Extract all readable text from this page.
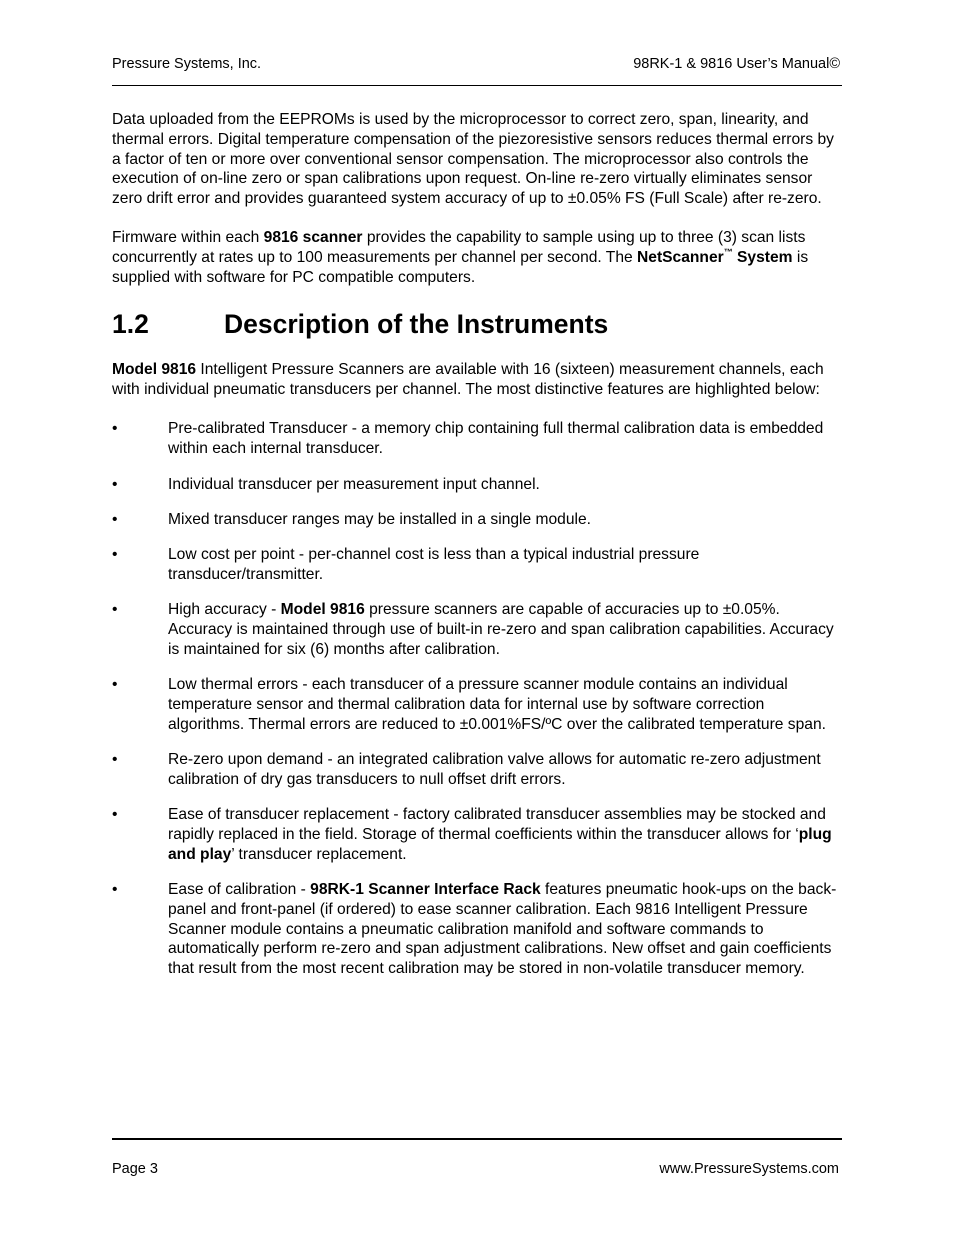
Pressure Systems, Inc.	98RK-1 & 9816 User’s Manual©

Data uploaded from the EEPROMs is used by the microprocessor to correct zero, span, linearity, and thermal errors. Digital temperature compensation of the piezoresistive sensors reduces thermal errors by a factor of ten or more over conventional sensor compensation. The microprocessor also controls the execution of on-line zero or span calibrations upon request. On-line re-zero virtually eliminates sensor zero drift error and provides guaranteed system accuracy of up to ±0.05% FS (Full Scale) after re-zero.

Firmware within each 9816 scanner provides the capability to sample using up to three (3) scan lists concurrently at rates up to 100 measurements per channel per second. The NetScanner™ System is supplied with software for PC compatible computers.

1.2	Description of the Instruments

Model 9816 Intelligent Pressure Scanners are available with 16 (sixteen) measurement channels, each with individual pneumatic transducers per channel. The most distinctive features are highlighted below:

•	Pre-calibrated Transducer - a memory chip containing full thermal calibration data is embedded within each internal transducer.
•	Individual transducer per measurement input channel.
•	Mixed transducer ranges may be installed in a single module.
•	Low cost per point - per-channel cost is less than a typical industrial pressure transducer/transmitter.
•	High accuracy - Model 9816 pressure scanners are capable of accuracies up to ±0.05%. Accuracy is maintained through use of built-in re-zero and span calibration capabilities. Accuracy is maintained for six (6) months after calibration.
•	Low thermal errors - each transducer of a pressure scanner module contains an individual temperature sensor and thermal calibration data for internal use by software correction algorithms. Thermal errors are reduced to ±0.001%FS/ºC over the calibrated temperature span.
•	Re-zero upon demand - an integrated calibration valve allows for automatic re-zero adjustment calibration of dry gas transducers to null offset drift errors.
•	Ease of transducer replacement - factory calibrated transducer assemblies may be stocked and rapidly replaced in the field. Storage of thermal coefficients within the transducer allows for ‘plug and play’ transducer replacement.
•	Ease of calibration - 98RK-1 Scanner Interface Rack features pneumatic hook-ups on the back-panel and front-panel (if ordered) to ease scanner calibration. Each 9816 Intelligent Pressure Scanner module contains a pneumatic calibration manifold and software commands to automatically perform re-zero and span adjustment calibrations. New offset and gain coefficients that result from the most recent calibration may be stored in non-volatile transducer memory.
Page 3	www.PressureSystems.com
